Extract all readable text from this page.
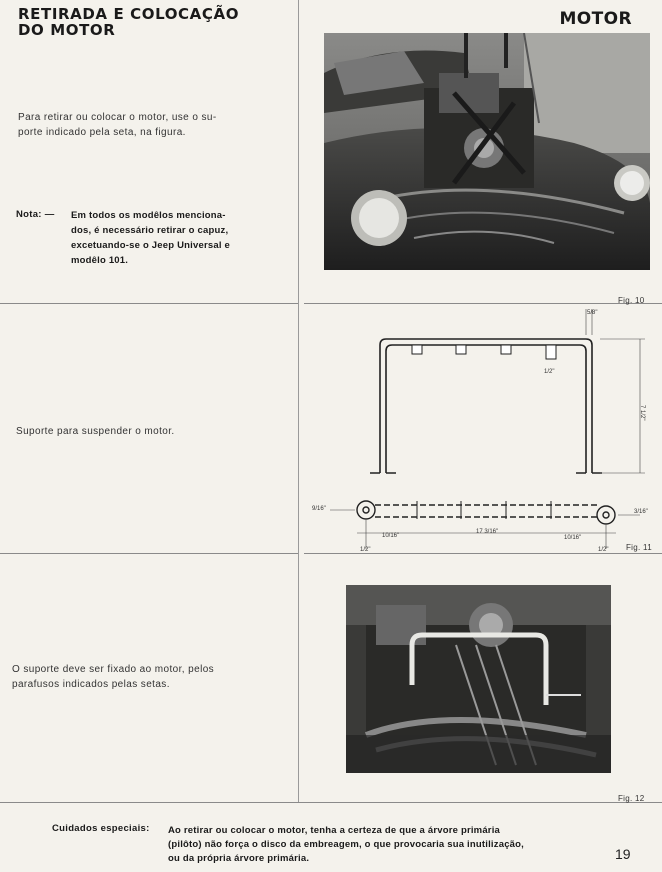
RETIRADA E COLOCAÇÃO
DO MOTOR
MOTOR
Para retirar ou colocar o motor, use o su-
porte indicado pela seta, na figura.
Nota: — Em todos os modêlos menciona-
dos, é necessário retirar o capuz,
excetuando-se o Jeep Universal e
modêlo 101.
Fig. 10
Suporte para suspender o motor.
5/8"
7 1/2"
1/2"
9/16"	3/16"
10/16"
17 3/16"
10/16"
1/2"	1/2" Fig. 11
O suporte deve ser fixado ao motor, pelos
parafusos indicados pelas setas.
Fig. 12
Cuidados especiais: Ao retirar ou colocar o motor, tenha a certeza de que a árvore primária
(pilôto) não força o disco da embreagem, o que provocaria sua inutilização,
ou da própria árvore primária.	19
